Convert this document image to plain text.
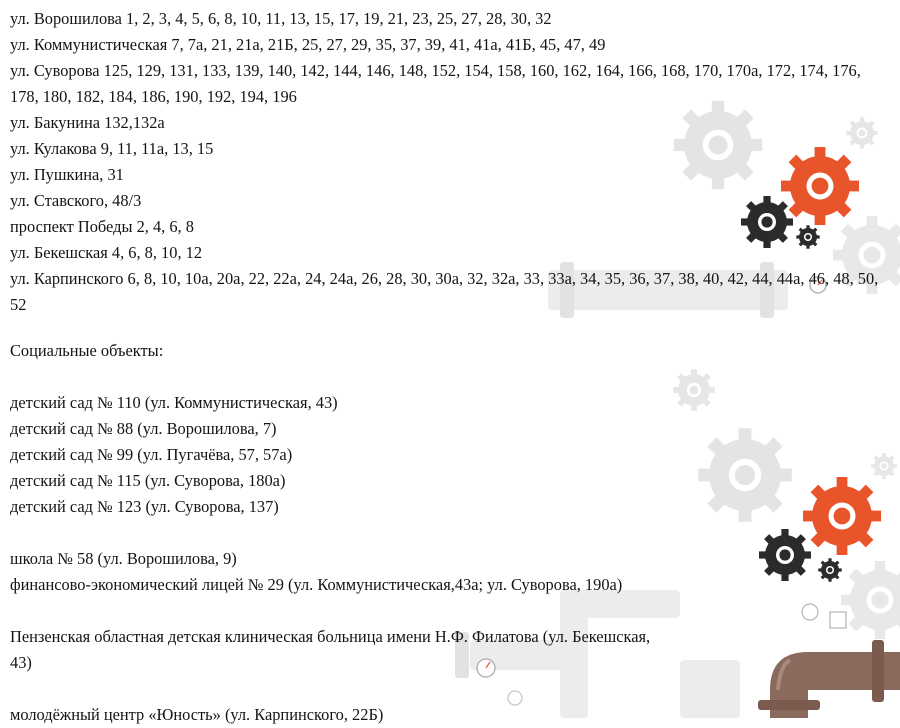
ул. Ворошилова 1, 2, 3, 4, 5, 6, 8, 10, 11, 13, 15, 17, 19, 21, 23, 25, 27, 28, 30, 32
ул. Коммунистическая 7, 7а, 21, 21а, 21Б, 25, 27, 29, 35, 37, 39, 41, 41а, 41Б, 45, 47, 49
ул. Суворова 125, 129, 131, 133, 139, 140, 142, 144, 146, 148, 152, 154, 158, 160, 162, 164, 166, 168, 170, 170а, 172, 174, 176, 178, 180, 182, 184, 186, 190, 192, 194, 196
ул. Бакунина 132,132а
ул. Кулакова 9, 11, 11а, 13, 15
ул. Пушкина, 31
ул. Ставского, 48/3
проспект Победы 2, 4, 6, 8
ул. Бекешская 4, 6, 8, 10, 12
ул. Карпинского 6, 8, 10, 10а, 20а, 22, 22а, 24, 24а, 26, 28, 30, 30а, 32, 32а, 33, 33а, 34, 35, 36, 37, 38, 40, 42, 44, 44а, 46, 48, 50, 52
Социальные объекты:
детский сад № 110 (ул. Коммунистическая, 43)
детский сад № 88 (ул. Ворошилова, 7)
детский сад № 99 (ул. Пугачёва, 57, 57а)
детский сад № 115 (ул. Суворова, 180а)
детский сад № 123 (ул. Суворова, 137)
школа № 58 (ул. Ворошилова, 9)
финансово-экономический лицей № 29 (ул. Коммунистическая,43а; ул. Суворова, 190а)
Пензенская областная детская клиническая больница имени Н.Ф. Филатова (ул. Бекешская, 43)
молодёжный центр «Юность» (ул. Карпинского, 22Б)
